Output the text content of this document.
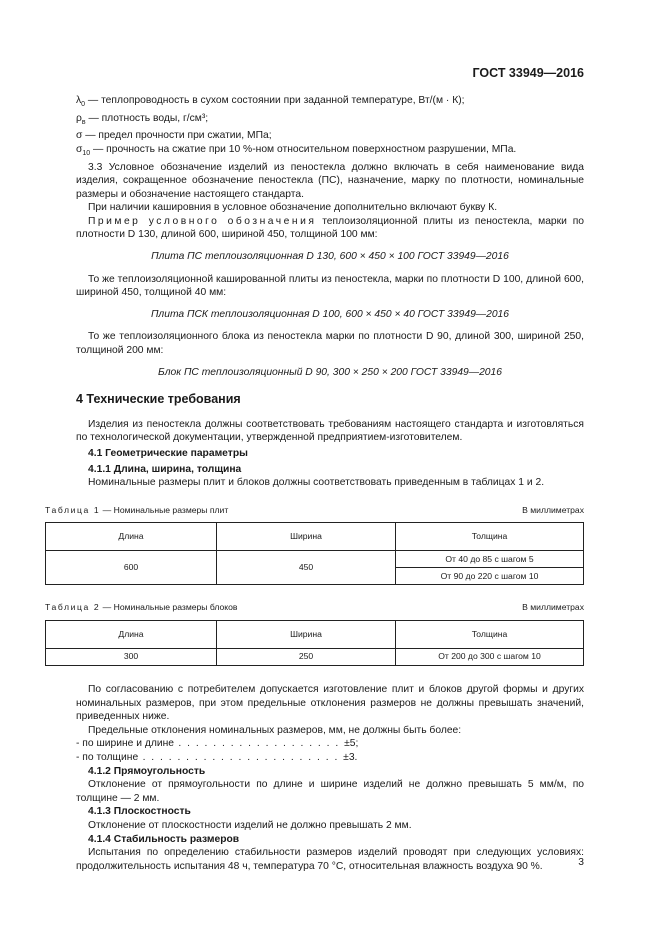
ГОСТ 33949—2016
$\lambda_0$ — теплопроводность в сухом состоянии при заданной температуре, Вт/(м · К);
$\rho_в$ — плотность воды, г/см³;
σ — предел прочности при сжатии, МПа;
$\sigma_{10}$ — прочность на сжатие при 10 %-ном относительном поверхностном разрушении, МПа.
3.3 Условное обозначение изделий из пеностекла должно включать в себя наименование вида изделия, сокращенное обозначение пеностекла (ПС), назначение, марку по плотности, номинальные размеры и обозначение настоящего стандарта.
При наличии кашировния в условное обозначение дополнительно включают букву К.
Пример условного обозначения теплоизоляционной плиты из пеностекла, марки по плотности D 130, длиной 600, шириной 450, толщиной 100 мм:
Плита ПС теплоизоляционная D 130, 600 × 450 × 100 ГОСТ 33949—2016
То же теплоизоляционной кашированной плиты из пеностекла, марки по плотности D 100, длиной 600, шириной 450, толщиной 40 мм:
Плита ПСК теплоизоляционная D 100, 600 × 450 × 40 ГОСТ 33949—2016
То же теплоизоляционного блока из пеностекла марки по плотности D 90, длиной 300, шириной 250, толщиной 200 мм:
Блок ПС теплоизоляционный D 90, 300 × 250 × 200 ГОСТ 33949—2016
4 Технические требования
Изделия из пеностекла должны соответствовать требованиям настоящего стандарта и изготовляться по технологической документации, утвержденной предприятием-изготовителем.
4.1 Геометрические параметры
4.1.1 Длина, ширина, толщина
Номинальные размеры плит и блоков должны соответствовать приведенным в таблицах 1 и 2.
Таблица 1 — Номинальные размеры плит	В миллиметрах
Длина	Ширина	Толщина
600	450	От 40 до 85 с шагом 5
		От 90 до 220 с шагом 10
Таблица 2 — Номинальные размеры блоков	В миллиметрах
Длина	Ширина	Толщина
300	250	От 200 до 300 с шагом 10
По согласованию с потребителем допускается изготовление плит и блоков другой формы и других номинальных размеров, при этом предельные отклонения размеров не должны превышать значений, приведенных ниже.
Предельные отклонения номинальных размеров, мм, не должны быть более:
- по ширине и длине . . . . . . . . . . . . . . . . . . . ±5;
- по толщине . . . . . . . . . . . . . . . . . . . . . . . ±3.
4.1.2 Прямоугольность
Отклонение от прямоугольности по длине и ширине изделий не должно превышать 5 мм/м, по толщине — 2 мм.
4.1.3 Плоскостность
Отклонение от плоскостности изделий не должно превышать 2 мм.
4.1.4 Стабильность размеров
Испытания по определению стабильности размеров изделий проводят при следующих условиях: продолжительность испытания 48 ч, температура 70 °С, относительная влажность воздуха 90 %.	3
